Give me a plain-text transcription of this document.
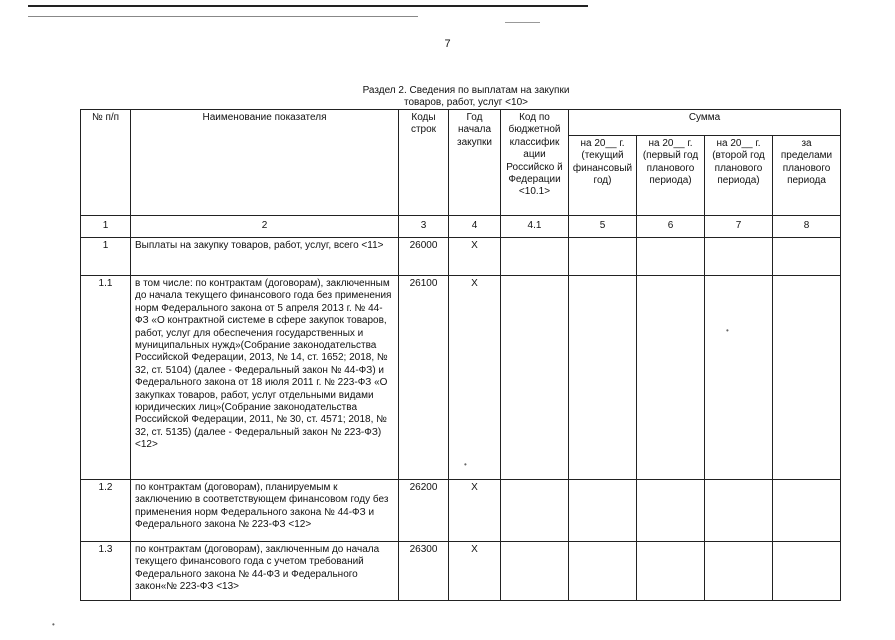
7
Раздел 2. Сведения по выплатам на закупки
товаров, работ, услуг <10>
№ п/п	Наименование показателя	Коды строк	Год начала закупки	Код по бюджетной классифик ации Российско й Федерации <10.1>	Сумма			
					на 20__ г. (текущий финансовый год)	на 20__ г. (первый год планового периода)	на 20__ г. (второй год планового периода)	за пределами планового периода
1	2	3	4	4.1	5	6	7	8
1	Выплаты на закупку товаров, работ, услуг, всего <11>	26000	X					
1.1	в том числе: по контрактам (договорам), заключенным до начала текущего финансового года без применения норм Федерального закона от 5 апреля 2013 г. № 44-ФЗ «О контрактной системе в сфере закупок товаров, работ, услуг для обеспечения государственных и муниципальных нужд»(Собрание законодательства Российской Федерации, 2013, № 14, ст. 1652; 2018, № 32, ст. 5104) (далее - Федеральный закон № 44-ФЗ) и Федерального закона от 18 июля 2011 г. № 223-ФЗ «О закупках товаров, работ, услуг отдельными видами юридических лиц»(Собрание законодательства Российской Федерации, 2011, № 30, ст. 4571; 2018, № 32, ст. 5135) (далее - Федеральный закон № 223-ФЗ) <12>	26100	X					
1.2	по контрактам (договорам), планируемым к заключению в соответствующем финансовом году без применения норм Федерального закона № 44-ФЗ и Федерального закона № 223-ФЗ <12>	26200	X					
1.3	по контрактам (договорам), заключенным до начала текущего финансового года с учетом требований Федерального закона № 44-ФЗ и Федерального закон«№ 223-ФЗ <13>	26300	X					
•
•
•
